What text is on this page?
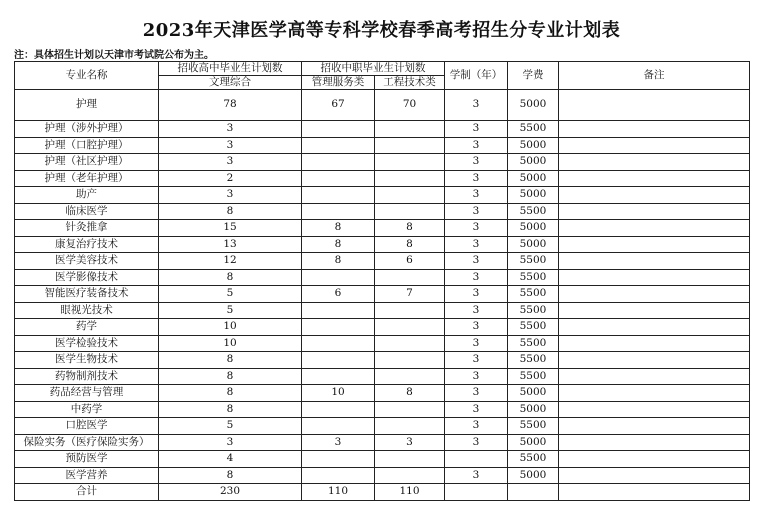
2023年天津医学高等专科学校春季高考招生分专业计划表
注：具体招生计划以天津市考试院公布为主。
专业名称	招收高中毕业生计划数	招收中职毕业生计划数		学制（年）	学费	备注
	文理综合	管理服务类	工程技术类			
护理	78	67	70	3	5000	
护理（涉外护理）	3			3	5500	
护理（口腔护理）	3			3	5000	
护理（社区护理）	3			3	5000	
护理（老年护理）	2			3	5000	
助产	3			3	5000	
临床医学	8			3	5500	
针灸推拿	15	8	8	3	5000	
康复治疗技术	13	8	8	3	5000	
医学美容技术	12	8	6	3	5500	
医学影像技术	8			3	5500	
智能医疗装备技术	5	6	7	3	5500	
眼视光技术	5			3	5500	
药学	10			3	5500	
医学检验技术	10			3	5500	
医学生物技术	8			3	5500	
药物制剂技术	8			3	5500	
药品经营与管理	8	10	8	3	5000	
中药学	8			3	5000	
口腔医学	5			3	5500	
保险实务（医疗保险实务）	3	3	3	3	5000	
预防医学	4				5500	
医学营养	8			3	5000	
合计	230	110	110			
